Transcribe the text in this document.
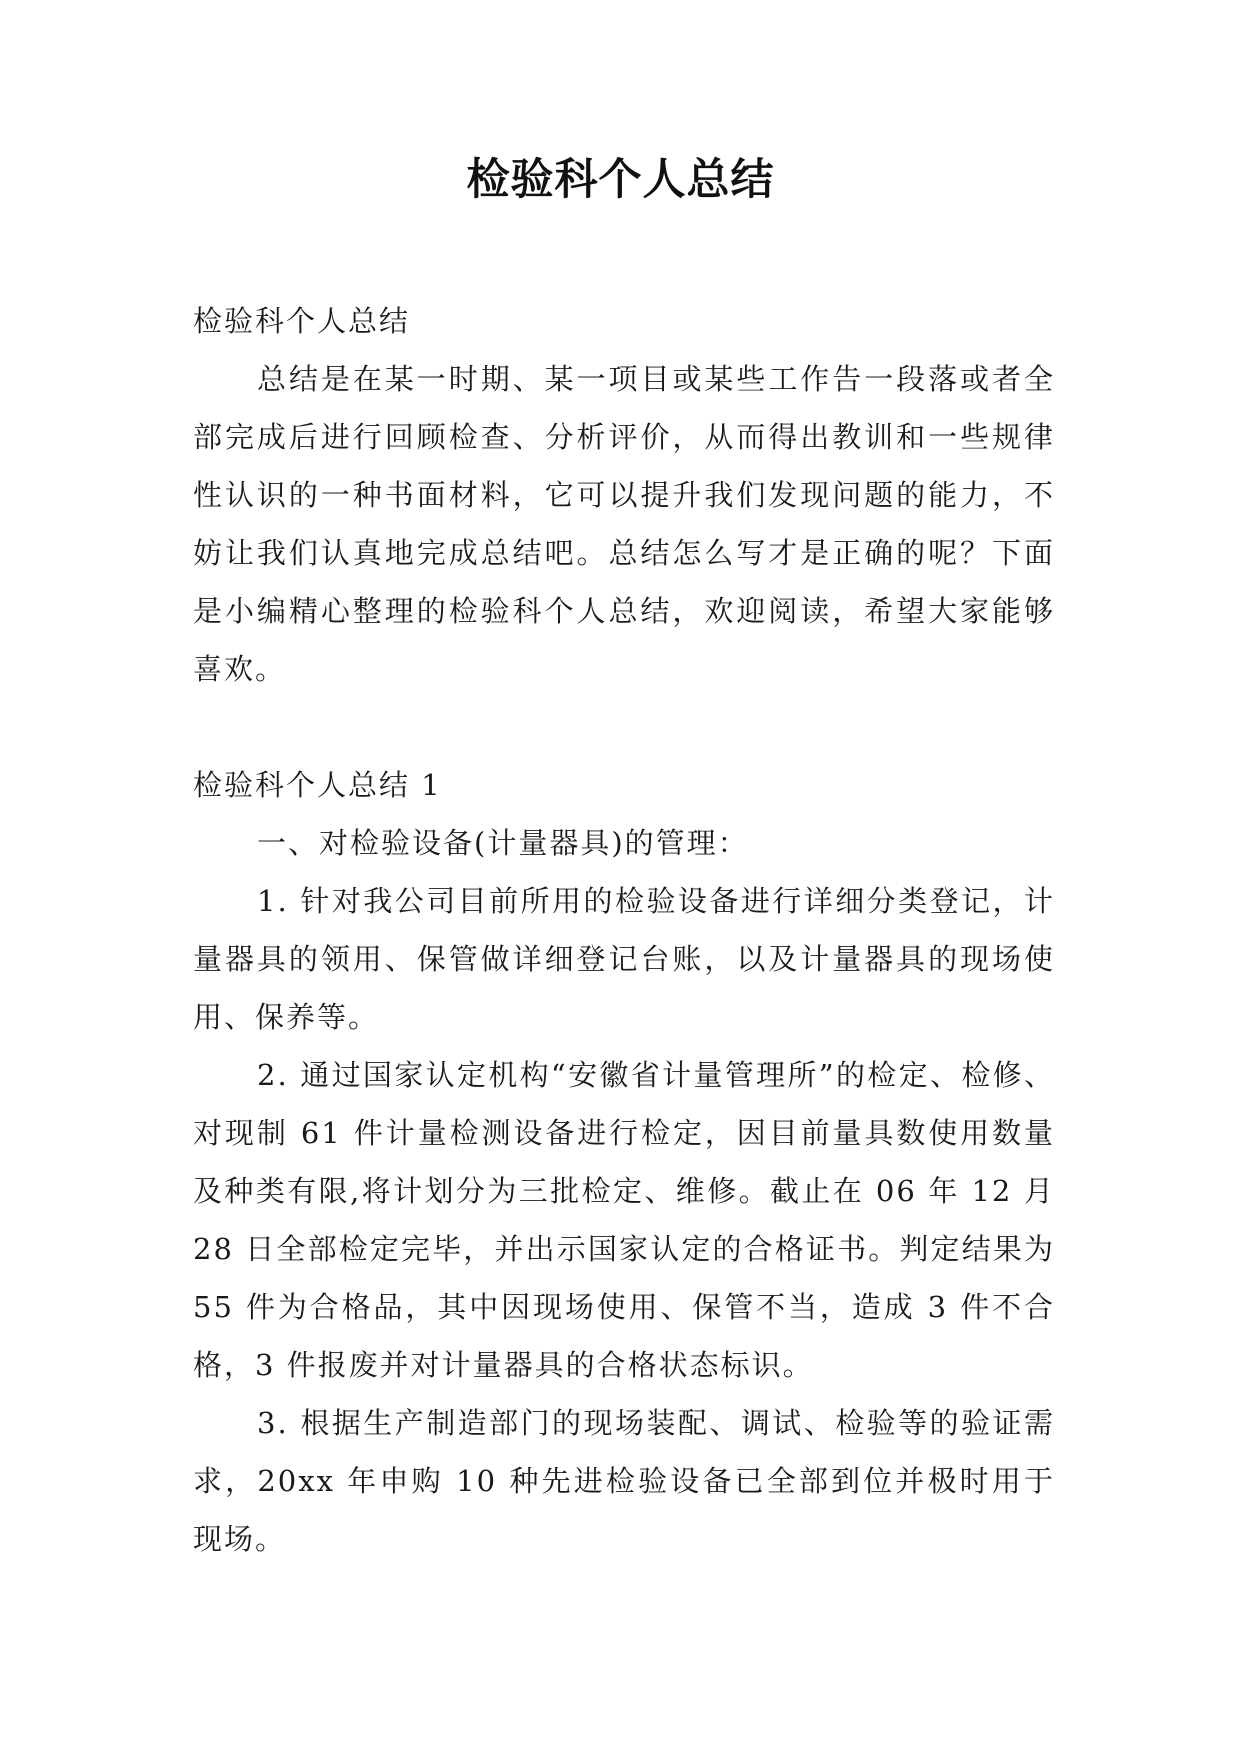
检验科个人总结

检验科个人总结

总结是在某一时期、某一项目或某些工作告一段落或者全部完成后进行回顾检查、分析评价，从而得出教训和一些规律性认识的一种书面材料，它可以提升我们发现问题的能力，不妨让我们认真地完成总结吧。总结怎么写才是正确的呢？下面是小编精心整理的检验科个人总结，欢迎阅读，希望大家能够喜欢。

检验科个人总结 1

一、对检验设备(计量器具)的管理：

1. 针对我公司目前所用的检验设备进行详细分类登记，计量器具的领用、保管做详细登记台账，以及计量器具的现场使用、保养等。

2. 通过国家认定机构“安徽省计量管理所”的检定、检修、对现制 61 件计量检测设备进行检定，因目前量具数使用数量及种类有限,将计划分为三批检定、维修。截止在 06 年 12 月 28 日全部检定完毕，并出示国家认定的合格证书。判定结果为 55 件为合格品，其中因现场使用、保管不当，造成 3 件不合格，3 件报废并对计量器具的合格状态标识。

3. 根据生产制造部门的现场装配、调试、检验等的验证需求，20xx 年申购 10 种先进检验设备已全部到位并极时用于现场。
